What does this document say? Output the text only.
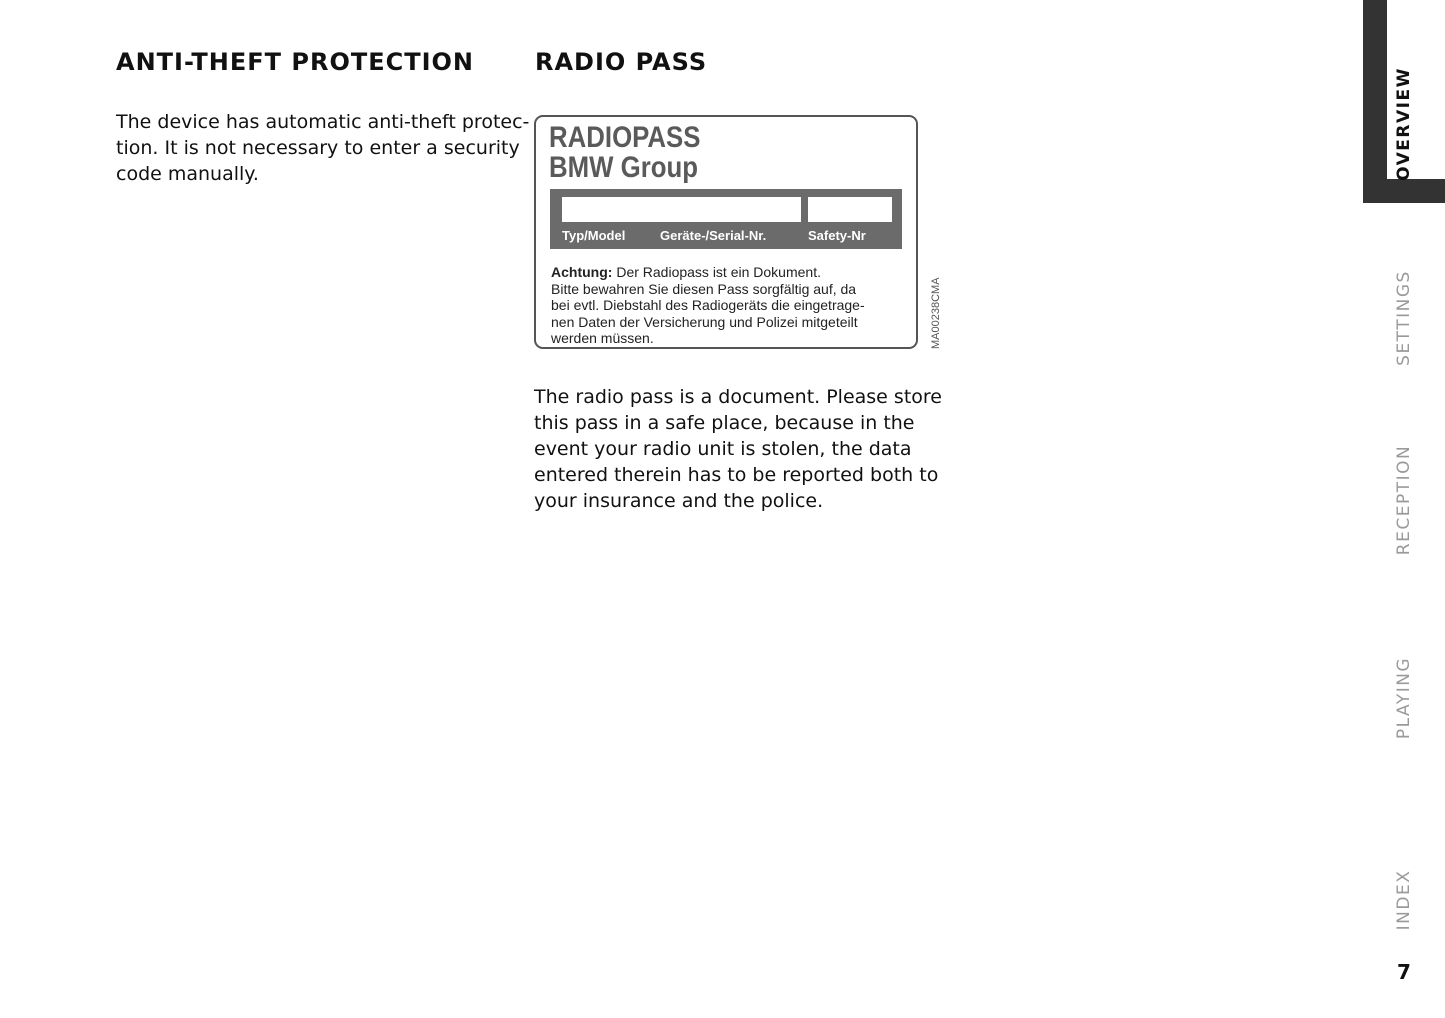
ANTI-THEFT PROTECTION

The device has automatic anti-theft protec-
tion. It is not necessary to enter a security
code manually.

RADIO PASS
RADIOPASS
BMW Group
Typ/Model	Geräte-/Serial-Nr.	Safety-Nr
Achtung: Der Radiopass ist ein Dokument.
Bitte bewahren Sie diesen Pass sorgfältig auf, da
bei evtl. Diebstahl des Radiogeräts die eingetrage-
nen Daten der Versicherung und Polizei mitgeteilt
werden müssen.	MA00238CMA

The radio pass is a document. Please store
this pass in a safe place, because in the
event your radio unit is stolen, the data
entered therein has to be reported both to
your insurance and the police.

OVERVIEW
SETTINGS
RECEPTION
PLAYING
INDEX
7
